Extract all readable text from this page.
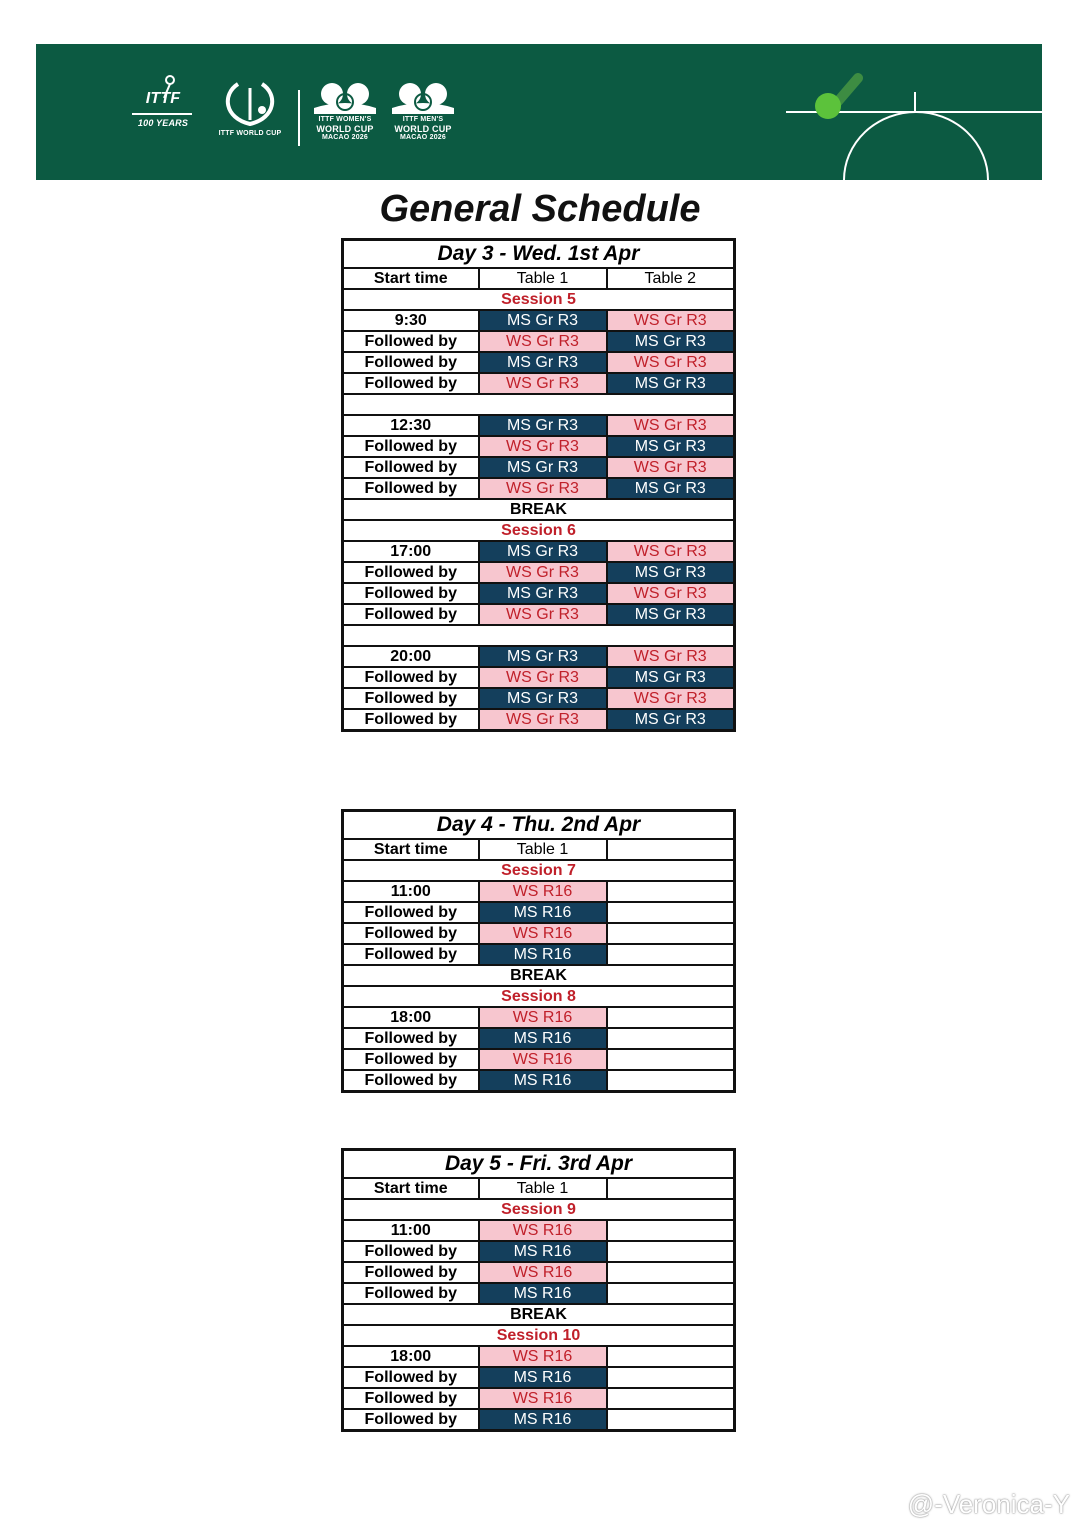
ITTF
100 YEARS
ITTF WORLD CUP
ITTF WOMEN'S
WORLD CUP
MACAO 2026
ITTF MEN'S
WORLD CUP
MACAO 2026
General Schedule
Day 3 - Wed. 1st Apr		
Start time	Table 1	Table 2
Session 5		
9:30	MS Gr R3	WS Gr R3
Followed by	WS Gr R3	MS Gr R3
Followed by	MS Gr R3	WS Gr R3
Followed by	WS Gr R3	MS Gr R3

12:30	MS Gr R3	WS Gr R3
Followed by	WS Gr R3	MS Gr R3
Followed by	MS Gr R3	WS Gr R3
Followed by	WS Gr R3	MS Gr R3
BREAK		
Session 6		
17:00	MS Gr R3	WS Gr R3
Followed by	WS Gr R3	MS Gr R3
Followed by	MS Gr R3	WS Gr R3
Followed by	WS Gr R3	MS Gr R3

20:00	MS Gr R3	WS Gr R3
Followed by	WS Gr R3	MS Gr R3
Followed by	MS Gr R3	WS Gr R3
Followed by	WS Gr R3	MS Gr R3
Day 4 - Thu. 2nd Apr		
Start time	Table 1	
Session 7		
11:00	WS R16	
Followed by	MS R16	
Followed by	WS R16	
Followed by	MS R16	
BREAK		
Session 8		
18:00	WS R16	
Followed by	MS R16	
Followed by	WS R16	
Followed by	MS R16	
Day 5 - Fri. 3rd Apr		
Start time	Table 1	
Session 9		
11:00	WS R16	
Followed by	MS R16	
Followed by	WS R16	
Followed by	MS R16	
BREAK		
Session 10		
18:00	WS R16	
Followed by	MS R16	
Followed by	WS R16	
Followed by	MS R16	
@-Veronica-Y
